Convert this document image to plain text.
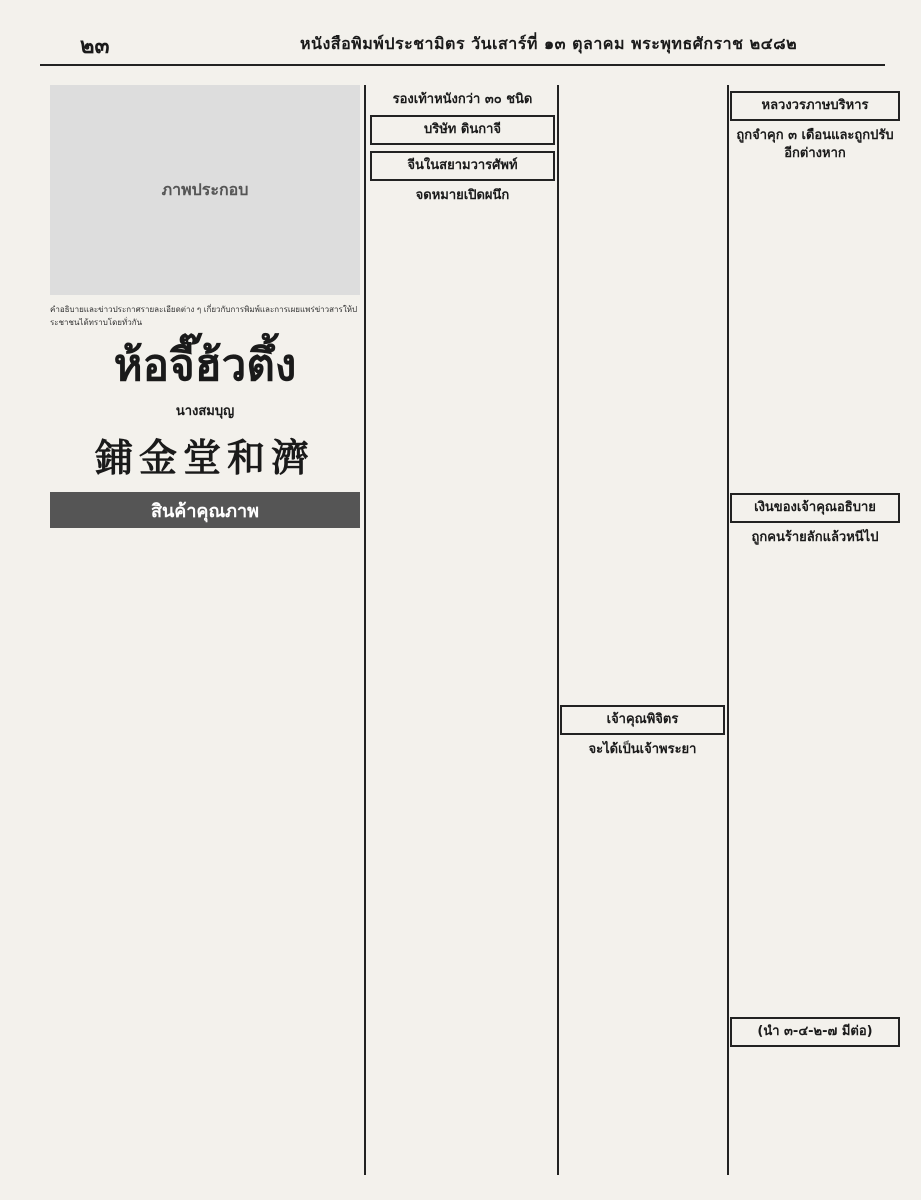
๒๓	หนังสือพิมพ์ประชามิตร วันเสาร์ที่ ๑๓ ตุลาคม พระพุทธศักราช ๒๔๘๒
ภาพประกอบ
คำอธิบายและข่าวประกาศรายละเอียดต่าง ๆ เกี่ยวกับการพิมพ์และการเผยแพร่ข่าวสารให้ประชาชนได้ทราบโดยทั่วกัน
ห้อจี๊ฮ้วตึ้ง
นางสมบุญ
鋪金堂和濟
สินค้าคุณภาพ
รองเท้าหนังกว่า ๓๐ ชนิด
บริษัท ดินกาจี
จีนในสยามวารศัพท์
จดหมายเปิดผนึก
เจ้าคุณพิจิตร
จะได้เป็นเจ้าพระยา
หลวงวรภาษบริหาร
ถูกจำคุก ๓ เดือนและถูกปรับอีกต่างหาก
เงินของเจ้าคุณอธิบาย
ถูกคนร้ายลักแล้วหนีไป
(นำ ๓-๔-๒-๗ มีต่อ)
